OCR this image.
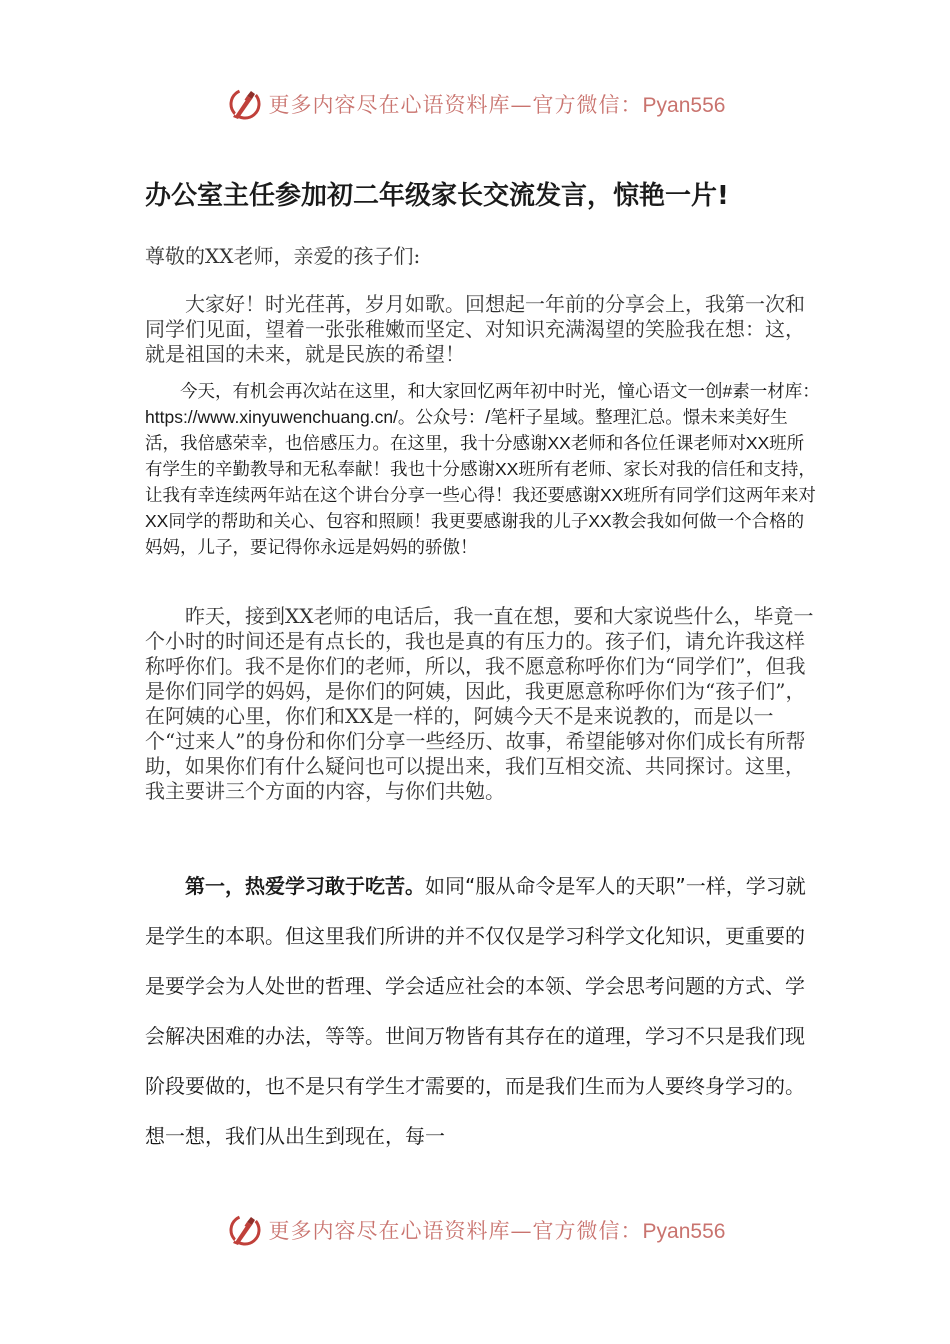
更多内容尽在心语资料库—官方微信：Pyan556
办公室主任参加初二年级家长交流发言，惊艳一片!

尊敬的XX老师，亲爱的孩子们:

大家好！时光荏苒，岁月如歌。回想起一年前的分享会上，我第一次和同学们见面，望着一张张稚嫩而坚定、对知识充满渴望的笑脸我在想：这，就是祖国的未来，就是民族的希望！

今天，有机会再次站在这里，和大家回忆两年初中时光，憧心语文一创#素一材库：https://www.xinyuwenchuang.cn/。公众号：/笔杆子星域。整理汇总。憬未来美好生活，我倍感荣幸，也倍感压力。在这里，我十分感谢XX老师和各位任课老师对XX班所有学生的辛勤教导和无私奉献！我也十分感谢XX班所有老师、家长对我的信任和支持，让我有幸连续两年站在这个讲台分享一些心得！我还要感谢XX班所有同学们这两年来对XX同学的帮助和关心、包容和照顾！我更要感谢我的儿子XX教会我如何做一个合格的妈妈，儿子，要记得你永远是妈妈的骄傲！

昨天，接到XX老师的电话后，我一直在想，要和大家说些什么，毕竟一个小时的时间还是有点长的，我也是真的有压力的。孩子们，请允许我这样称呼你们。我不是你们的老师，所以，我不愿意称呼你们为“同学们”，但我是你们同学的妈妈，是你们的阿姨，因此，我更愿意称呼你们为“孩子们”，在阿姨的心里，你们和XX是一样的，阿姨今天不是来说教的，而是以一个“过来人”的身份和你们分享一些经历、故事，希望能够对你们成长有所帮助，如果你们有什么疑问也可以提出来，我们互相交流、共同探讨。这里，我主要讲三个方面的内容，与你们共勉。

第一，热爱学习敢于吃苦。如同“服从命令是军人的天职”一样，学习就是学生的本职。但这里我们所讲的并不仅仅是学习科学文化知识，更重要的是要学会为人处世的哲理、学会适应社会的本领、学会思考问题的方式、学会解决困难的办法，等等。世间万物皆有其存在的道理，学习不只是我们现阶段要做的，也不是只有学生才需要的，而是我们生而为人要终身学习的。想一想，我们从出生到现在，每一

更多内容尽在心语资料库—官方微信：Pyan556
